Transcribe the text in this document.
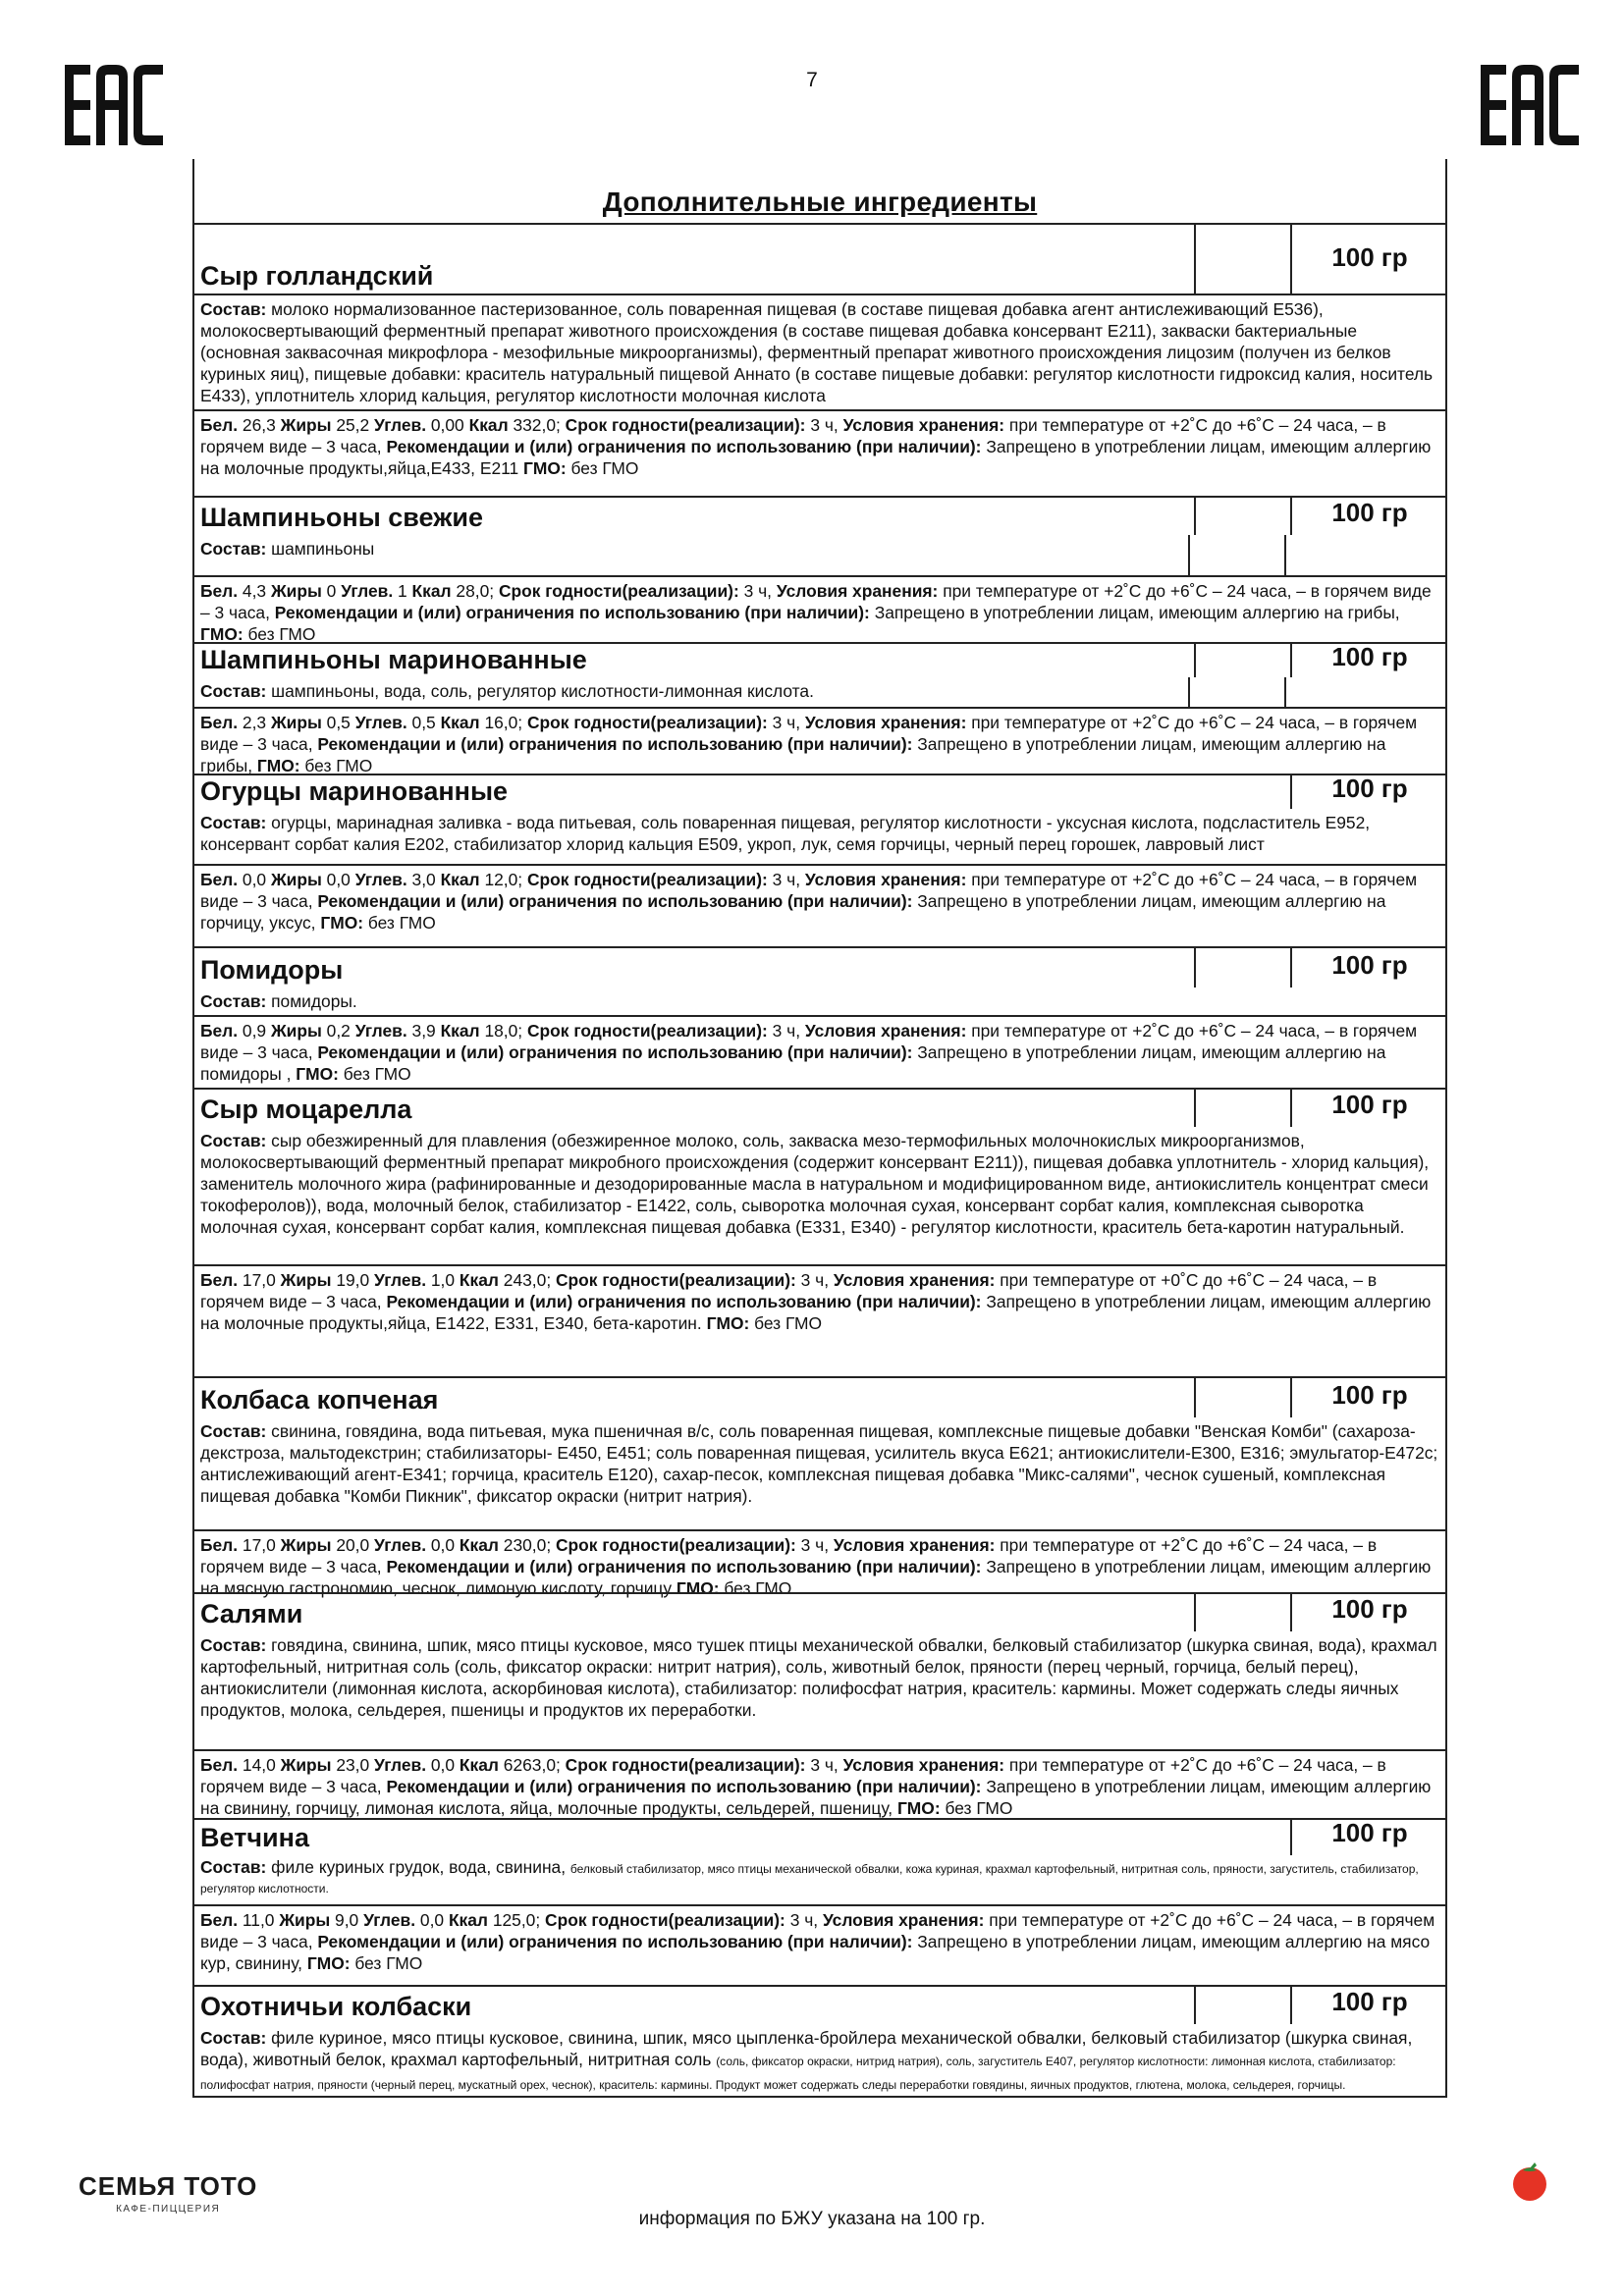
7
Дополнительные ингредиенты
Сыр голландский
100 гр
Состав: молоко нормализованное пастеризованное, соль поваренная пищевая (в составе пищевая добавка агент антислеживающий Е536), молокосвертывающий ферментный препарат животного происхождения (в составе пищевая добавка консервант Е211), закваски бактериальные (основная заквасочная микрофлора - мезофильные микроорганизмы), ферментный препарат животного происхождения лицозим (получен из белков куриных яиц), пищевые добавки: краситель натуральный пищевой Аннато (в составе пищевые добавки: регулятор кислотности гидроксид калия, носитель Е433), уплотнитель хлорид кальция, регулятор кислотности молочная кислота
Бел. 26,3 Жиры 25,2 Углев. 0,00 Ккал 332,0; Срок годности(реализации): 3 ч, Условия хранения: при температуре от +2˚С до +6˚С – 24 часа, – в горячем виде – 3 часа, Рекомендации и (или) ограничения по использованию (при наличии): Запрещено в употреблении лицам, имеющим аллергию на молочные продукты,яйца,Е433, Е211 ГМО: без ГМО
Шампиньоны свежие	100 гр
Состав: шампиньоны
Бел. 4,3 Жиры 0 Углев. 1 Ккал 28,0; Срок годности(реализации): 3 ч, Условия хранения: при температуре от +2˚С до +6˚С – 24 часа, – в горячем виде – 3 часа, Рекомендации и (или) ограничения по использованию (при наличии): Запрещено в употреблении лицам, имеющим аллергию на грибы, ГМО: без ГМО
Шампиньоны маринованные	100 гр
Состав: шампиньоны, вода, соль, регулятор кислотности-лимонная кислота.
Бел. 2,3 Жиры 0,5 Углев. 0,5 Ккал 16,0; Срок годности(реализации): 3 ч, Условия хранения: при температуре от +2˚С до +6˚С – 24 часа, – в горячем виде – 3 часа, Рекомендации и (или) ограничения по использованию (при наличии): Запрещено в употреблении лицам, имеющим аллергию на грибы, ГМО: без ГМО
Огурцы маринованные	100 гр
Состав: огурцы, маринадная заливка - вода питьевая, соль поваренная пищевая, регулятор кислотности - уксусная кислота, подсластитель Е952, консервант сорбат калия Е202, стабилизатор хлорид кальция Е509, укроп, лук, семя горчицы, черный перец горошек, лавровый лист
Бел. 0,0 Жиры 0,0 Углев. 3,0 Ккал 12,0; Срок годности(реализации): 3 ч, Условия хранения: при температуре от +2˚С до +6˚С – 24 часа, – в горячем виде – 3 часа, Рекомендации и (или) ограничения по использованию (при наличии): Запрещено в употреблении лицам, имеющим аллергию на горчицу, уксус, ГМО: без ГМО
Помидоры	100 гр
Состав: помидоры.
Бел. 0,9 Жиры 0,2 Углев. 3,9 Ккал 18,0; Срок годности(реализации): 3 ч, Условия хранения: при температуре от +2˚С до +6˚С – 24 часа, – в горячем виде – 3 часа, Рекомендации и (или) ограничения по использованию (при наличии): Запрещено в употреблении лицам, имеющим аллергию на помидоры , ГМО: без ГМО
Сыр моцарелла	100 гр
Состав: сыр обезжиренный для плавления (обезжиренное молоко, соль, закваска мезо-термофильных молочнокислых микроорганизмов, молокосвертывающий ферментный препарат микробного происхождения (содержит консервант Е211)), пищевая добавка уплотнитель - хлорид кальция), заменитель молочного жира (рафинированные и дезодорированные масла в натуральном и модифицированном виде, антиокислитель концентрат смеси токоферолов)), вода, молочный белок, стабилизатор - Е1422, соль, сыворотка молочная сухая, консервант сорбат калия, комплексная сыворотка молочная сухая, консервант сорбат калия, комплексная пищевая добавка (Е331, Е340) - регулятор кислотности, краситель бета-каротин натуральный.
Бел. 17,0 Жиры 19,0 Углев. 1,0 Ккал 243,0; Срок годности(реализации): 3 ч, Условия хранения: при температуре от +0˚С до +6˚С – 24 часа, – в горячем виде – 3 часа, Рекомендации и (или) ограничения по использованию (при наличии): Запрещено в употреблении лицам, имеющим аллергию на молочные продукты,яйца, Е1422, Е331, Е340, бета-каротин. ГМО: без ГМО
Колбаса копченая	100 гр
Состав: свинина, говядина, вода питьевая, мука пшеничная в/с, соль поваренная пищевая, комплексные пищевые добавки "Венская Комби" (сахароза-декстроза, мальтодекстрин; стабилизаторы- Е450, Е451; соль поваренная пищевая, усилитель вкуса Е621; антиокислители-Е300, Е316; эмульгатор-Е472с; антислеживающий агент-Е341; горчица, краситель Е120), сахар-песок, комплексная пищевая добавка "Микс-салями", чеснок сушеный, комплексная пищевая добавка "Комби Пикник", фиксатор окраски (нитрит натрия).
Бел. 17,0 Жиры 20,0 Углев. 0,0 Ккал 230,0; Срок годности(реализации): 3 ч, Условия хранения: при температуре от +2˚С до +6˚С – 24 часа, – в горячем виде – 3 часа, Рекомендации и (или) ограничения по использованию (при наличии): Запрещено в употреблении лицам, имеющим аллергию на мясную гастрономию, чеснок, лимоную кислоту, горчицу ГМО: без ГМО
Салями	100 гр
Состав: говядина, свинина, шпик, мясо птицы кусковое, мясо тушек птицы механической обвалки, белковый стабилизатор (шкурка свиная, вода), крахмал картофельный, нитритная соль (соль, фиксатор окраски: нитрит натрия), соль, животный белок, пряности (перец черный, горчица, белый перец), антиокислители (лимонная кислота, аскорбиновая кислота), стабилизатор: полифосфат натрия, краситель: кармины. Может содержать следы яичных продуктов, молока, сельдерея, пшеницы и продуктов их переработки.
Бел. 14,0 Жиры 23,0 Углев. 0,0 Ккал 6263,0; Срок годности(реализации): 3 ч, Условия хранения: при температуре от +2˚С до +6˚С – 24 часа, – в горячем виде – 3 часа, Рекомендации и (или) ограничения по использованию (при наличии): Запрещено в употреблении лицам, имеющим аллергию на свинину, горчицу, лимоная кислота, яйца, молочные продукты, сельдерей, пшеницу, ГМО: без ГМО
Ветчина	100 гр
Состав: филе куриных грудок, вода, свинина, белковый стабилизатор, мясо птицы механической обвалки, кожа куриная, крахмал картофельный, нитритная соль, пряности, загуститель, стабилизатор, регулятор кислотности.
Бел. 11,0 Жиры 9,0 Углев. 0,0 Ккал 125,0; Срок годности(реализации): 3 ч, Условия хранения: при температуре от +2˚С до +6˚С – 24 часа, – в горячем виде – 3 часа, Рекомендации и (или) ограничения по использованию (при наличии): Запрещено в употреблении лицам, имеющим аллергию на мясо кур, свинину, ГМО: без ГМО
Охотничьи колбаски	100 гр
Состав: филе куриное, мясо птицы кусковое, свинина, шпик, мясо цыпленка-бройлера механической обвалки, белковый стабилизатор (шкурка свиная, вода), животный белок, крахмал картофельный, нитритная соль (соль, фиксатор окраски, нитрид натрия), соль, загуститель Е407, регулятор кислотности: лимонная кислота, стабилизатор: полифосфат натрия, пряности (черный перец, мускатный орех, чеснок), краситель: кармины. Продукт может содержать следы переработки говядины, яичных продуктов, глютена, молока, сельдерея, горчицы.
СЕМЬЯ ТОТО
КАФЕ-ПИЦЦЕРИЯ	информация по БЖУ указана на 100 гр.
